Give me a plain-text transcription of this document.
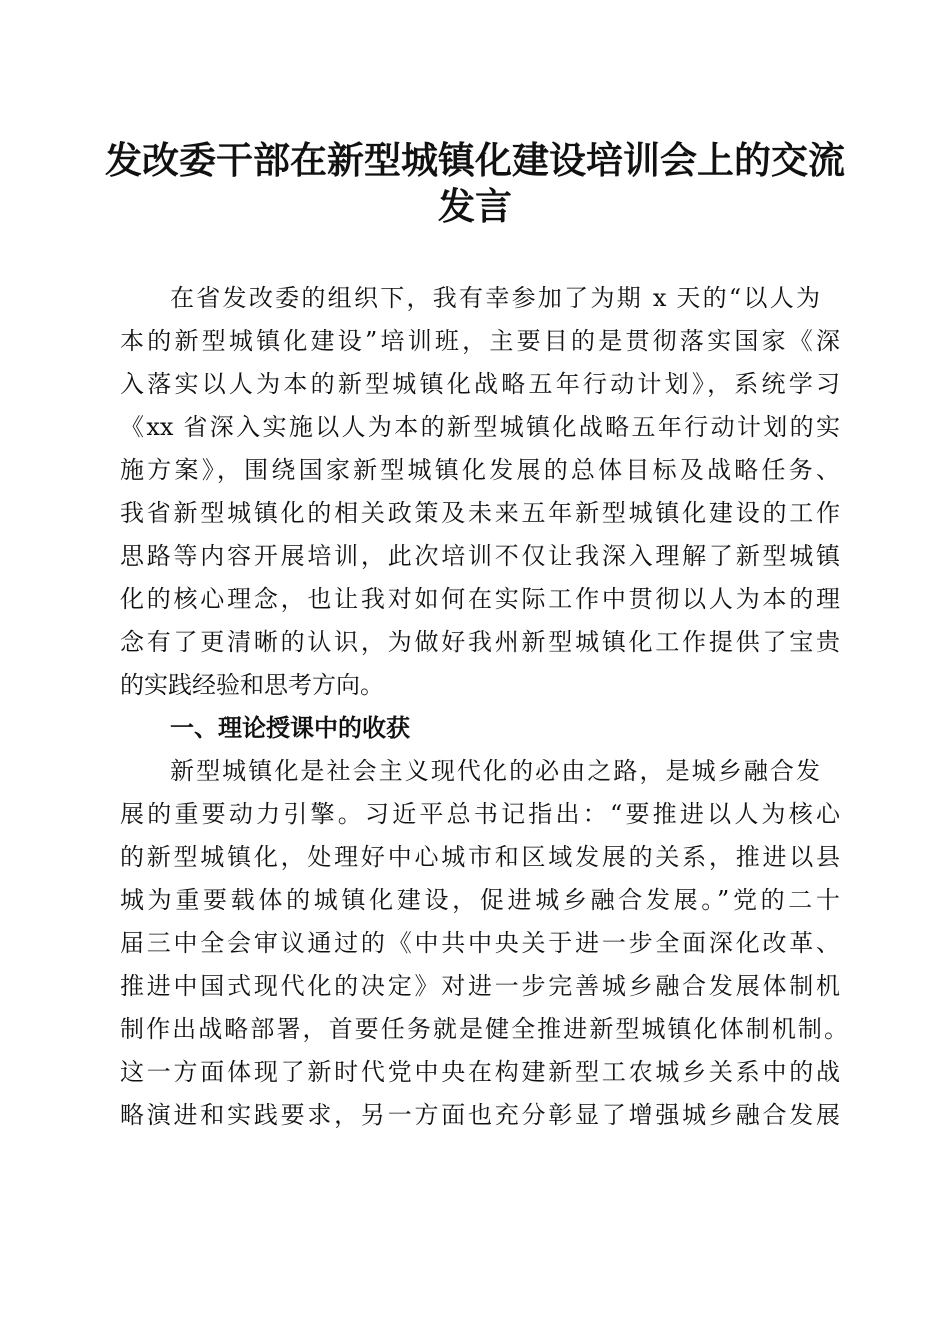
发改委干部在新型城镇化建设培训会上的交流
发言
在省发改委的组织下，我有幸参加了为期 x 天的“以人为
本的新型城镇化建设”培训班，主要目的是贯彻落实国家《深
入落实以人为本的新型城镇化战略五年行动计划》，系统学习
《xx 省深入实施以人为本的新型城镇化战略五年行动计划的实
施方案》，围绕国家新型城镇化发展的总体目标及战略任务、
我省新型城镇化的相关政策及未来五年新型城镇化建设的工作
思路等内容开展培训，此次培训不仅让我深入理解了新型城镇
化的核心理念，也让我对如何在实际工作中贯彻以人为本的理
念有了更清晰的认识，为做好我州新型城镇化工作提供了宝贵
的实践经验和思考方向。
一、理论授课中的收获
新型城镇化是社会主义现代化的必由之路，是城乡融合发
展的重要动力引擎。习近平总书记指出：“要推进以人为核心
的新型城镇化，处理好中心城市和区域发展的关系，推进以县
城为重要载体的城镇化建设，促进城乡融合发展。”党的二十
届三中全会审议通过的《中共中央关于进一步全面深化改革、
推进中国式现代化的决定》对进一步完善城乡融合发展体制机
制作出战略部署，首要任务就是健全推进新型城镇化体制机制。
这一方面体现了新时代党中央在构建新型工农城乡关系中的战
略演进和实践要求，另一方面也充分彰显了增强城乡融合发展
